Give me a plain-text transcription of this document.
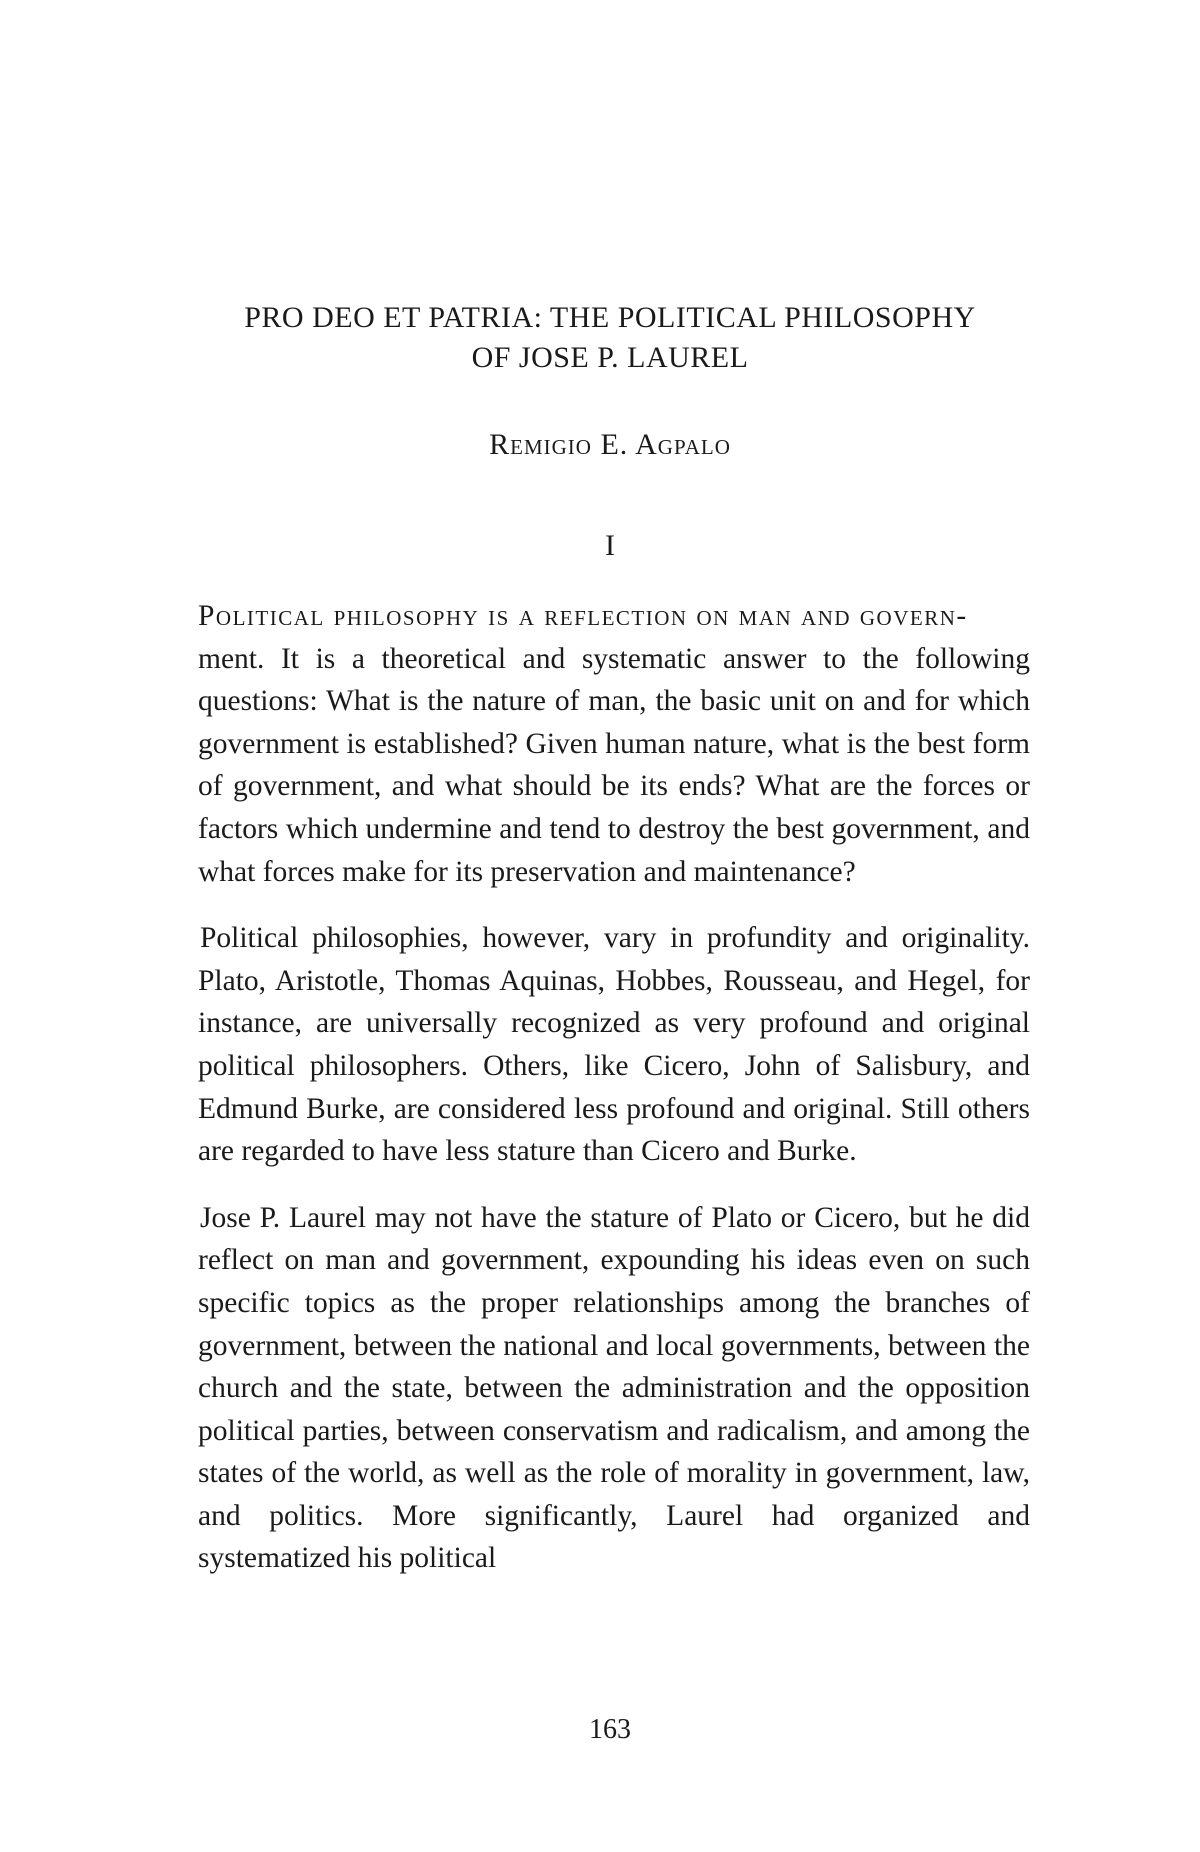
PRO DEO ET PATRIA: THE POLITICAL PHILOSOPHY
OF JOSE P. LAUREL

Remigio E. Agpalo

I

Political philosophy is a reflection on man and govern-
ment. It is a theoretical and systematic answer to the following questions: What is the nature of man, the basic unit on and for which government is established? Given human nature, what is the best form of government, and what should be its ends? What are the forces or factors which undermine and tend to destroy the best government, and what forces make for its preservation and maintenance?

Political philosophies, however, vary in profundity and originality. Plato, Aristotle, Thomas Aquinas, Hobbes, Rousseau, and Hegel, for instance, are universally recognized as very profound and original political philosophers. Others, like Cicero, John of Salisbury, and Edmund Burke, are considered less profound and original. Still others are regarded to have less stature than Cicero and Burke.

Jose P. Laurel may not have the stature of Plato or Cicero, but he did reflect on man and government, expounding his ideas even on such specific topics as the proper relationships among the branches of government, between the national and local governments, between the church and the state, between the administration and the opposition political parties, between conservatism and radicalism, and among the states of the world, as well as the role of morality in government, law, and politics. More significantly, Laurel had organized and systematized his political

163
